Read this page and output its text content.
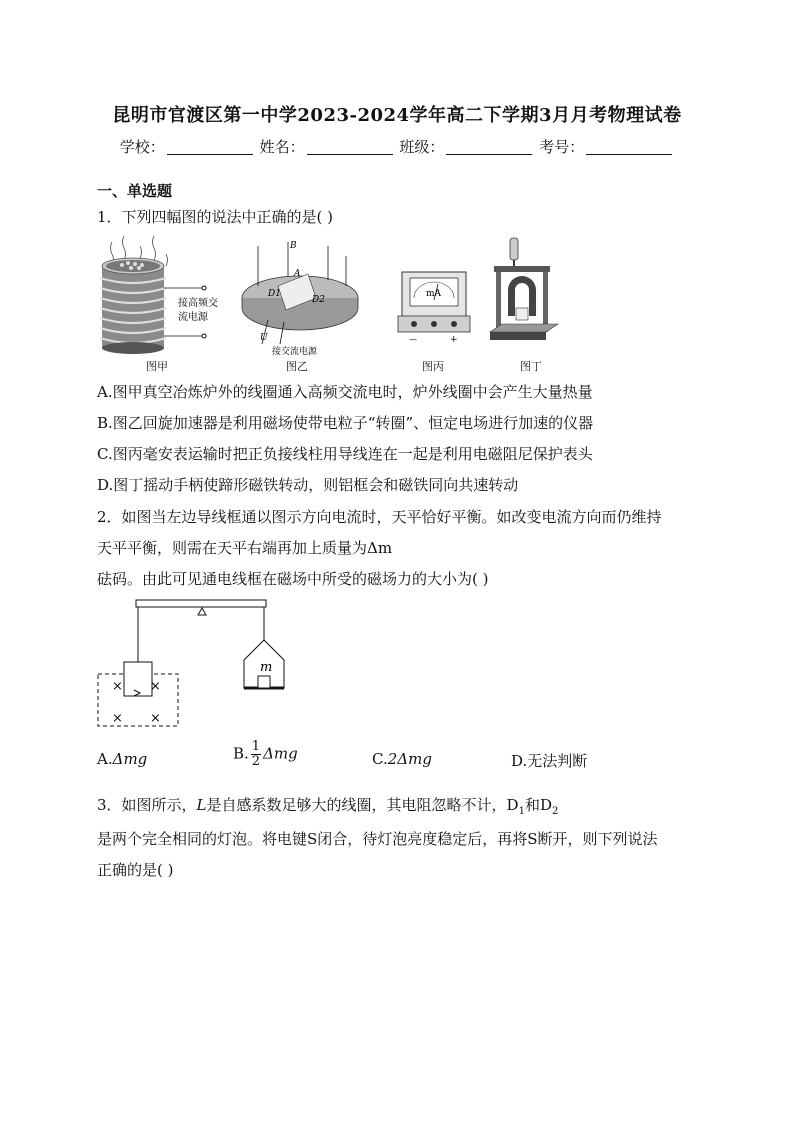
昆明市官渡区第一中学2023-2024学年高二下学期3月月考物理试卷
学校：	姓名：	班级：	考号：
一、单选题
1．下列四幅图的说法中正确的是( )
接高频交
流电源
图甲
B
A
D1
D2
U
接交流电源
图乙
mA
—	+
图丙	图丁
A.图甲真空冶炼炉外的线圈通入高频交流电时，炉外线圈中会产生大量热量
B.图乙回旋加速器是利用磁场使带电粒子“转圈”、恒定电场进行加速的仪器
C.图丙毫安表运输时把正负接线柱用导线连在一起是利用电磁阻尼保护表头
D.图丁摇动手柄使蹄形磁铁转动，则铝框会和磁铁同向共速转动
2．如图当左边导线框通以图示方向电流时，天平恰好平衡。如改变电流方向而仍维持
天平平衡，则需在天平右端再加上质量为Δm
砝码。由此可见通电线框在磁场中所受的磁场力的大小为( )
m
× ×
× ×
A.Δmg	B. $\frac{1}{2}$ Δmg	C.2Δmg	D.无法判断
3．如图所示，L是自感系数足够大的线圈，其电阻忽略不计，$D_1$和$D_2$
是两个完全相同的灯泡。将电键S闭合，待灯泡亮度稳定后，再将S断开，则下列说法
正确的是( )
